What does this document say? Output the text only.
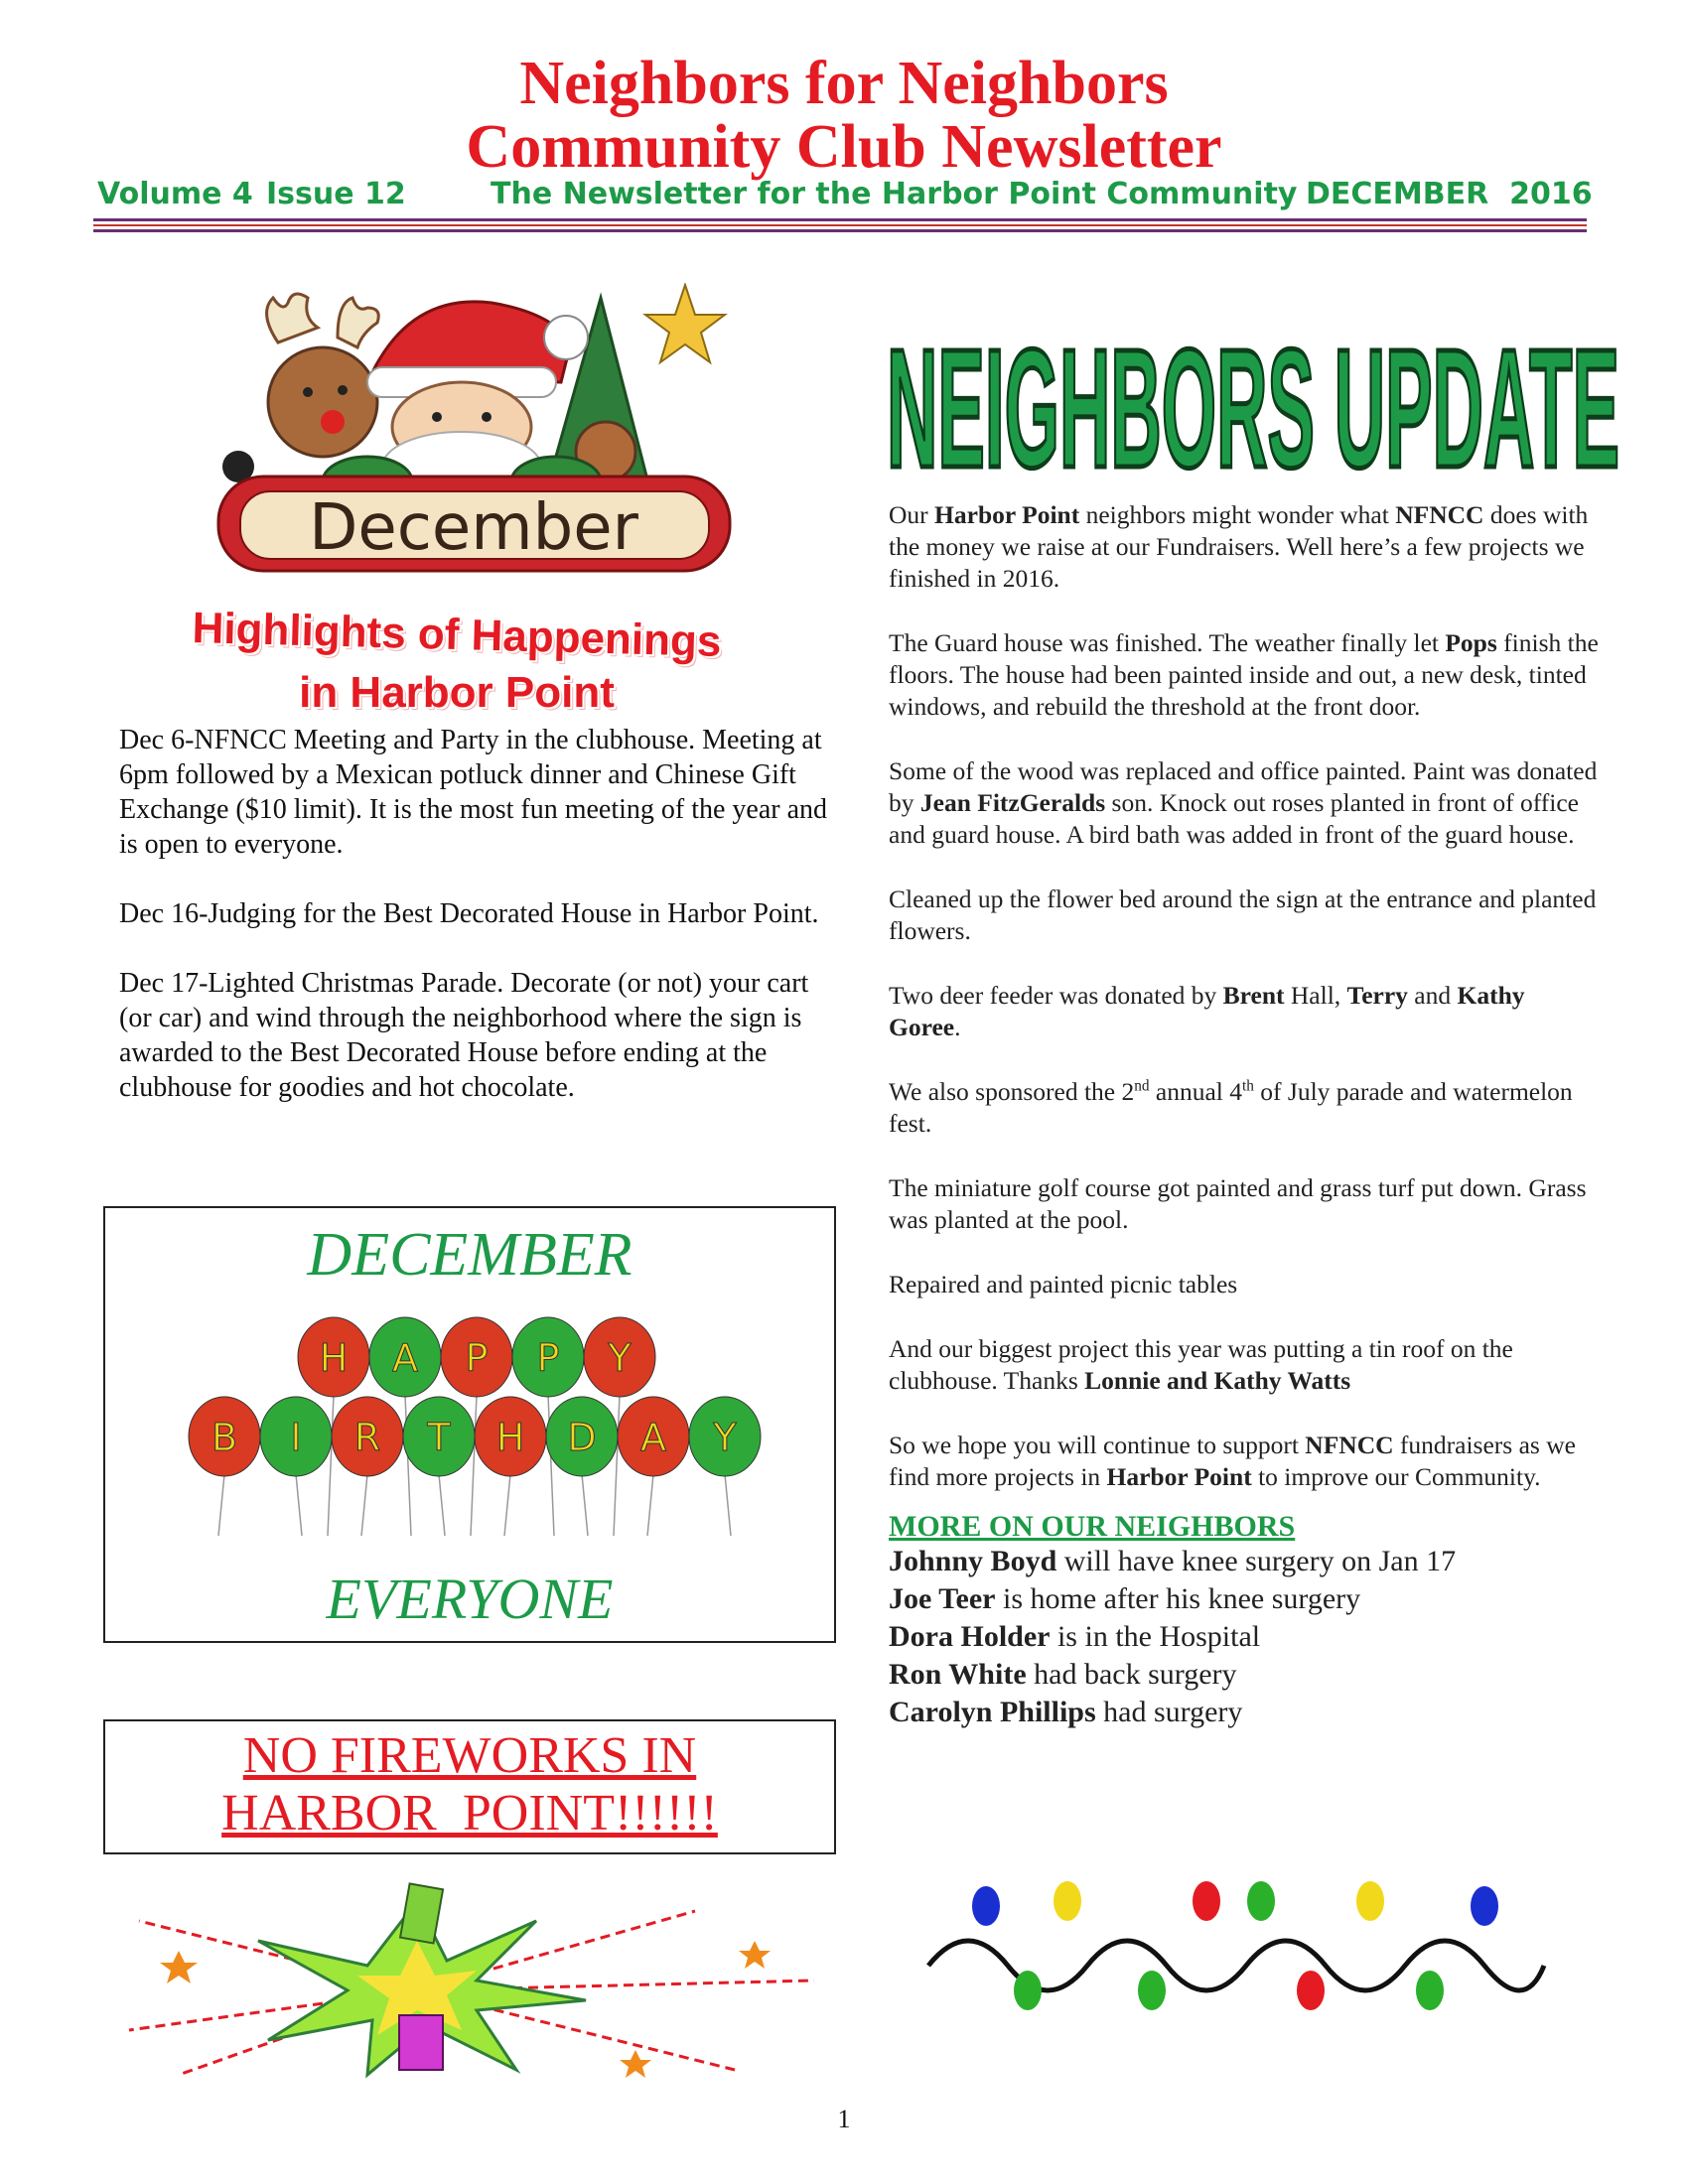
Neighbors for Neighbors
Community Club Newsletter
Volume 4 Issue 12	The Newsletter for the Harbor Point Community DECEMBER  2016
December
Highlights of Happenings
in Harbor Point

Dec 6-NFNCC Meeting and Party in the clubhouse. Meeting at 6pm followed by a Mexican potluck dinner and Chinese Gift Exchange ($10 limit). It is the most fun meeting of the year and is open to everyone.

Dec 16-Judging for the Best Decorated House in Harbor Point.

Dec 17-Lighted Christmas Parade. Decorate (or not) your cart (or car) and wind through the neighborhood where the sign is awarded to the Best Decorated House before ending at the clubhouse for goodies and hot chocolate.

DECEMBER
H A P P Y
B I R T H D A Y
EVERYONE
NO FIREWORKS IN
HARBOR  POINT!!!!!!
NEIGHBORS UPDATE

Our Harbor Point neighbors might wonder what NFNCC does with the money we raise at our Fundraisers. Well here’s a few projects we finished in 2016.

The Guard house was finished. The weather finally let Pops finish the floors. The house had been painted inside and out, a new desk, tinted windows, and rebuild the threshold at the front door.

Some of the wood was replaced and office painted. Paint was donated by Jean FitzGeralds son. Knock out roses planted in front of office and guard house. A bird bath was added in front of the guard house.

Cleaned up the flower bed around the sign at the entrance and planted flowers.

Two deer feeder was donated by Brent Hall, Terry and Kathy Goree.

We also sponsored the 2nd annual 4th of July parade and watermelon fest.

The miniature golf course got painted and grass turf put down. Grass was planted at the pool.

Repaired and painted picnic tables

And our biggest project this year was putting a tin roof on the clubhouse. Thanks Lonnie and Kathy Watts

So we hope you will continue to support NFNCC fundraisers as we find more projects in Harbor Point to improve our Community.

MORE ON OUR NEIGHBORS
Johnny Boyd will have knee surgery on Jan 17
Joe Teer is home after his knee surgery
Dora Holder is in the Hospital
Ron White had back surgery
Carolyn Phillips had surgery
1
